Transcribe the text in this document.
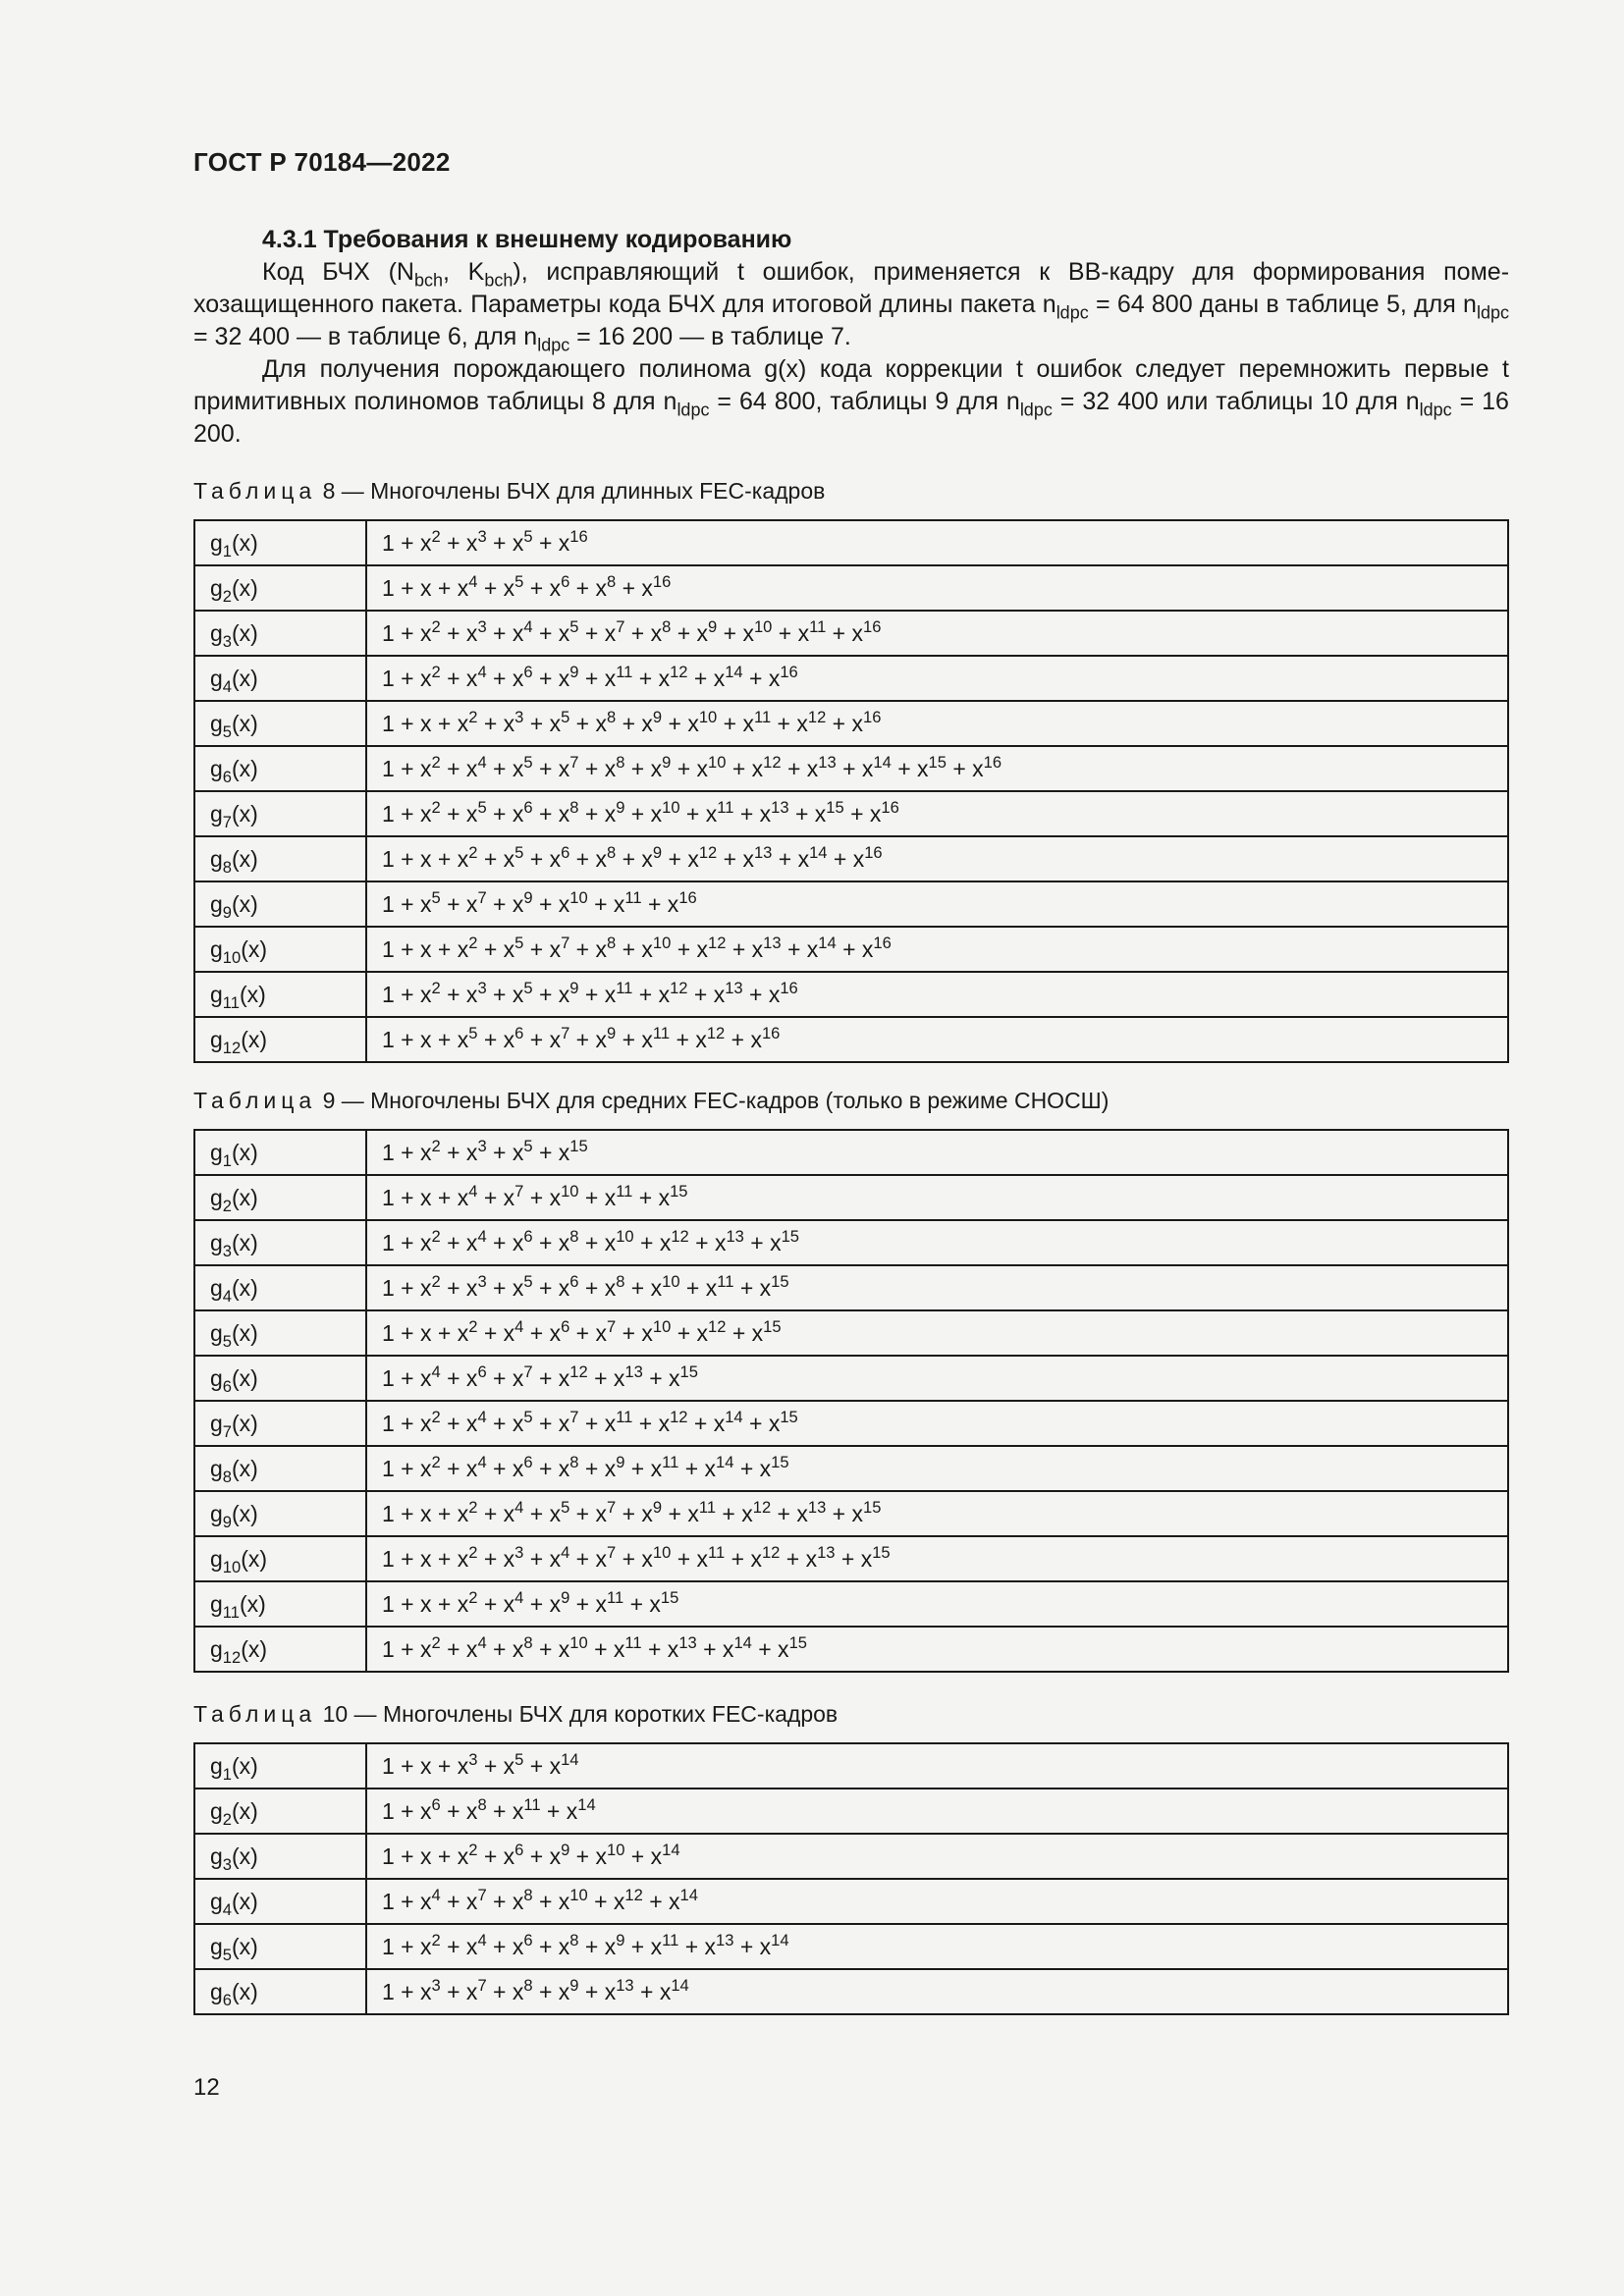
ГОСТ Р 70184—2022
4.3.1 Требования к внешнему кодированию

Код БЧХ ($N_{bch}$, $K_{bch}$), исправляющий t ошибок, применяется к BB-кадру для формирования помехозащищенного пакета. Параметры кода БЧХ для итоговой длины пакета $n_{ldpc} = 64$ 800 даны в таблице 5, для $n_{ldpc} = 32$ 400 — в таблице 6, для $n_{ldpc} = 16$ 200 — в таблице 7.

Для получения порождающего полинома g(x) кода коррекции t ошибок следует перемножить первые t примитивных полиномов таблицы 8 для $n_{ldpc} = 64$ 800, таблицы 9 для $n_{ldpc} = 32$ 400 или таблицы 10 для $n_{ldpc} = 16$ 200.

Таблица 8 — Многочлены БЧХ для длинных FEC-кадров
$g_1(x)$	$1 + x^2 + x^3 + x^5 + x^{16}$
$g_2(x)$	$1 + x + x^4 + x^5 + x^6 + x^8 + x^{16}$
$g_3(x)$	$1 + x^2 + x^3 + x^4 + x^5 + x^7 + x^8 + x^9 + x^{10} + x^{11} + x^{16}$
$g_4(x)$	$1 + x^2 + x^4 + x^6 + x^9 + x^{11} + x^{12} + x^{14} + x^{16}$
$g_5(x)$	$1 + x + x^2 + x^3 + x^5 + x^8 + x^9 + x^{10} + x^{11} + x^{12} + x^{16}$
$g_6(x)$	$1 + x^2 + x^4 + x^5 + x^7 + x^8 + x^9 + x^{10} + x^{12} + x^{13} + x^{14} + x^{15} + x^{16}$
$g_7(x)$	$1 + x^2 + x^5 + x^6 + x^8 + x^9 + x^{10} + x^{11} + x^{13} + x^{15} + x^{16}$
$g_8(x)$	$1 + x + x^2 + x^5 + x^6 + x^8 + x^9 + x^{12} + x^{13} + x^{14} + x^{16}$
$g_9(x)$	$1 + x^5 + x^7 + x^9 + x^{10} + x^{11} + x^{16}$
$g_{10}(x)$	$1 + x + x^2 + x^5 + x^7 + x^8 + x^{10} + x^{12} + x^{13} + x^{14} + x^{16}$
$g_{11}(x)$	$1 + x^2 + x^3 + x^5 + x^9 + x^{11} + x^{12} + x^{13} + x^{16}$
$g_{12}(x)$	$1 + x + x^5 + x^6 + x^7 + x^9 + x^{11} + x^{12} + x^{16}$
Таблица 9 — Многочлены БЧХ для средних FEC-кадров (только в режиме СНОСШ)
$g_1(x)$	$1 + x^2 + x^3 + x^5 + x^{15}$
$g_2(x)$	$1 + x + x^4 + x^7 + x^{10} + x^{11} + x^{15}$
$g_3(x)$	$1 + x^2 + x^4 + x^6 + x^8 + x^{10} + x^{12} + x^{13} + x^{15}$
$g_4(x)$	$1 + x^2 + x^3 + x^5 + x^6 + x^8 + x^{10} + x^{11} + x^{15}$
$g_5(x)$	$1 + x + x^2 + x^4 + x^6 + x^7 + x^{10} + x^{12} + x^{15}$
$g_6(x)$	$1 + x^4 + x^6 + x^7 + x^{12} + x^{13} + x^{15}$
$g_7(x)$	$1 + x^2 + x^4 + x^5 + x^7 + x^{11} + x^{12} + x^{14} + x^{15}$
$g_8(x)$	$1 + x^2 + x^4 + x^6 + x^8 + x^9 + x^{11} + x^{14} + x^{15}$
$g_9(x)$	$1 + x + x^2 + x^4 + x^5 + x^7 + x^9 + x^{11} + x^{12} + x^{13} + x^{15}$
$g_{10}(x)$	$1 + x + x^2 + x^3 + x^4 + x^7 + x^{10} + x^{11} + x^{12} + x^{13} + x^{15}$
$g_{11}(x)$	$1 + x + x^2 + x^4 + x^9 + x^{11} + x^{15}$
$g_{12}(x)$	$1 + x^2 + x^4 + x^8 + x^{10} + x^{11} + x^{13} + x^{14} + x^{15}$
Таблица 10 — Многочлены БЧХ для коротких FEC-кадров
$g_1(x)$	$1 + x + x^3 + x^5 + x^{14}$
$g_2(x)$	$1 + x^6 + x^8 + x^{11} + x^{14}$
$g_3(x)$	$1 + x + x^2 + x^6 + x^9 + x^{10} + x^{14}$
$g_4(x)$	$1 + x^4 + x^7 + x^8 + x^{10} + x^{12} + x^{14}$
$g_5(x)$	$1 + x^2 + x^4 + x^6 + x^8 + x^9 + x^{11} + x^{13} + x^{14}$
$g_6(x)$	$1 + x^3 + x^7 + x^8 + x^9 + x^{13} + x^{14}$
12
